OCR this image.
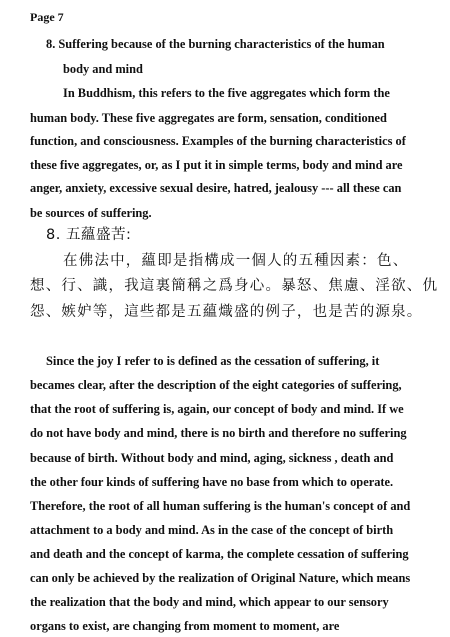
Page 7
8. Suffering because of the burning characteristics of the human
body and mind
In Buddhism, this refers to the five aggregates which form the
human body. These five aggregates are form, sensation, conditioned
function, and consciousness. Examples of the burning characteristics of
these five aggregates, or, as I put it in simple terms, body and mind are
anger, anxiety, excessive sexual desire, hatred, jealousy --- all these can
be sources of suffering.
8. 五蘊盛苦:
在佛法中，蘊即是指構成一個人的五種因素：色、
想、行、識，我這裏簡稱之爲身心。暴怒、焦慮、淫欲、仇
怨、嫉妒等，這些都是五蘊熾盛的例子，也是苦的源泉。
Since the joy I refer to is defined as the cessation of suffering, it
becames clear, after the description of the eight categories of suffering,
that the root of suffering is, again, our concept of body and mind. If we
do not have body and mind, there is no birth and therefore no suffering
because of birth. Without body and mind, aging, sickness , death and
the other four kinds of suffering have no base from which to operate.
Therefore, the root of all human suffering is the human's concept of and
attachment to a body and mind. As in the case of the concept of birth
and death and the concept of karma, the complete cessation of suffering
can only be achieved by the realization of Original Nature, which means
the realization that the body and mind, which appear to our sensory
organs to exist, are changing from moment to moment, are
